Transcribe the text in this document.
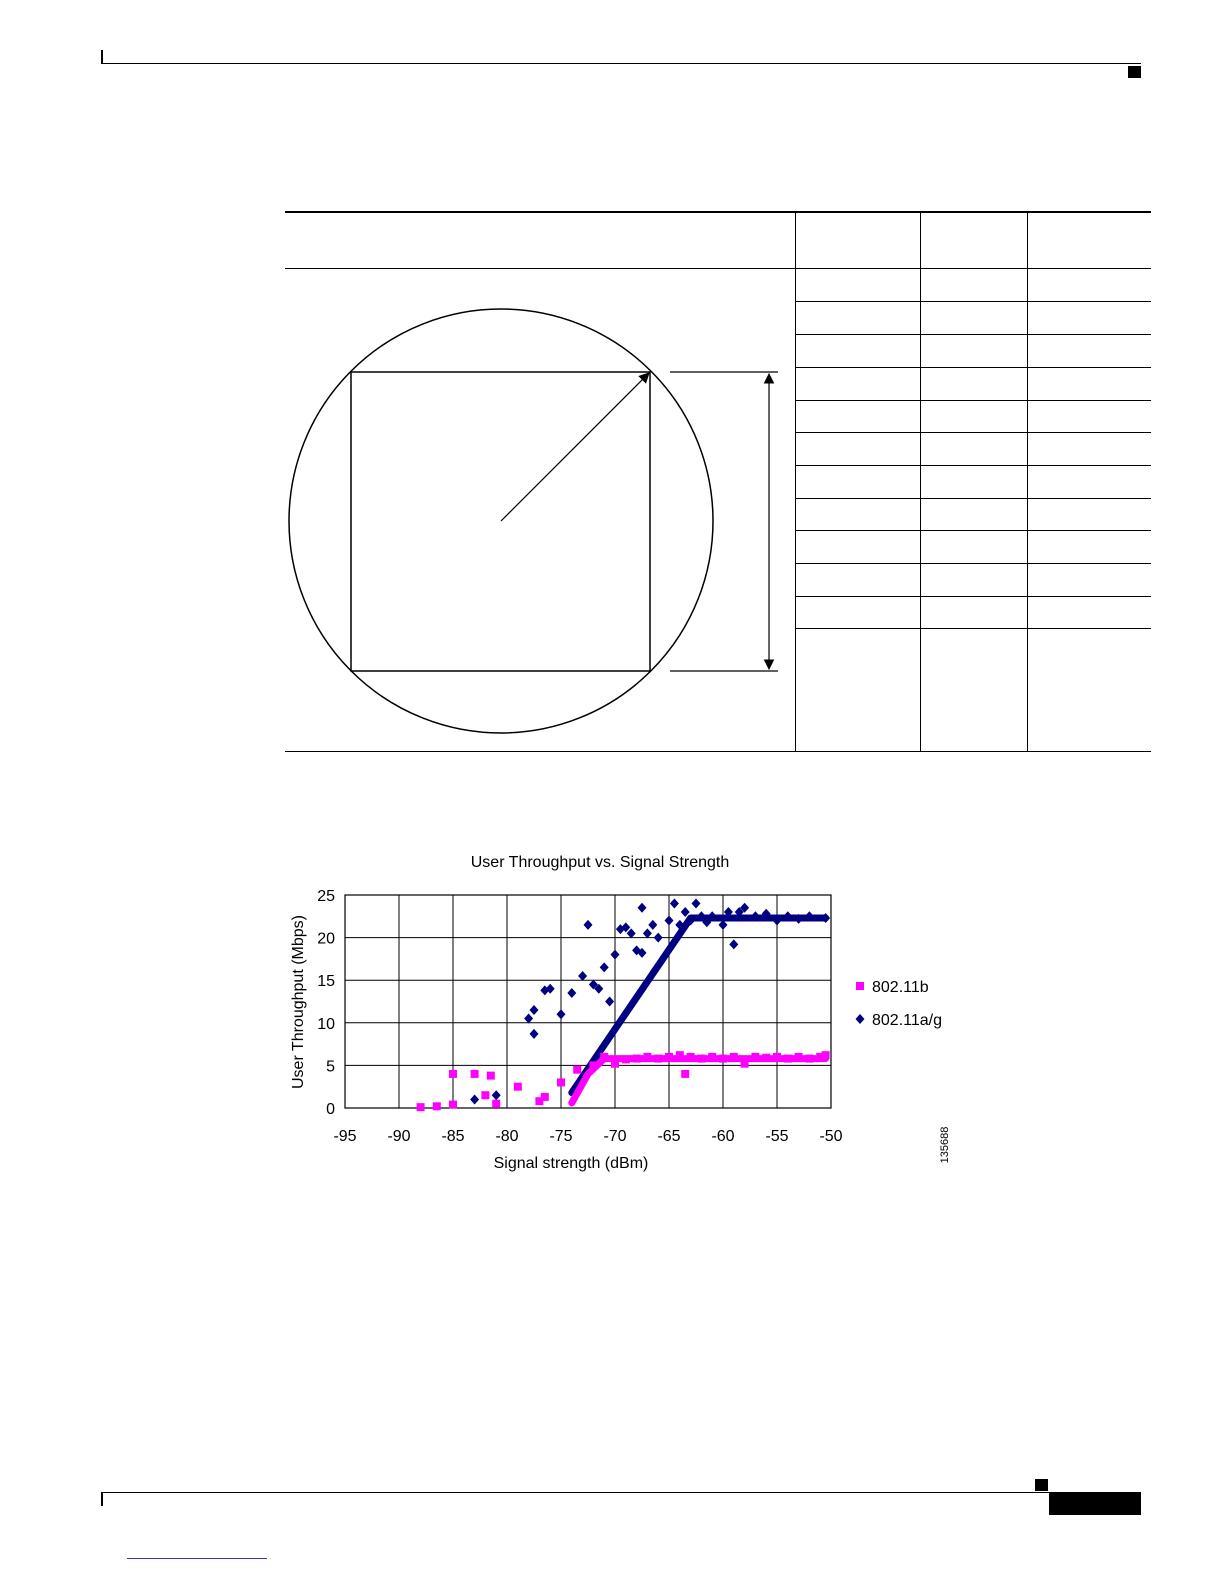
User Throughput vs. Signal Strength
-95 -90 -85 -80 -75 -70 -65 -60 -55 -50
0
5
10
15
20
25
Signal strength (dBm)
User Throughput (Mbps)	802.11b
802.11a/g
135688
